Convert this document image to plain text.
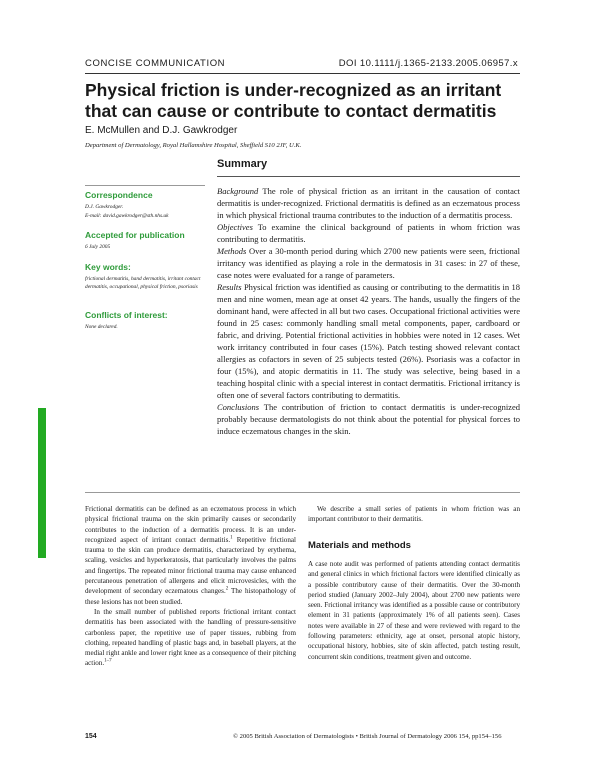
CONCISE COMMUNICATION	DOI 10.1111/j.1365-2133.2005.06957.x
Physical friction is under-recognized as an irritant that can cause or contribute to contact dermatitis
E. McMullen and D.J. Gawkrodger
Department of Dermatology, Royal Hallamshire Hospital, Sheffield S10 2JF, U.K.
Summary
Correspondence
D.J. Gawkrodger.
E-mail: david.gawkrodger@sth.nhs.uk
Accepted for publication
6 July 2005
Key words:
frictional dermatitis, hand dermatitis, irritant contact dermatitis, occupational, physical friction, psoriasis
Conflicts of interest:
None declared.

Background The role of physical friction as an irritant in the causation of contact dermatitis is under-recognized. Frictional dermatitis is defined as an eczematous process in which physical frictional trauma contributes to the induction of a dermatitis process.

Objectives To examine the clinical background of patients in whom friction was contributing to dermatitis.

Methods Over a 30-month period during which 2700 new patients were seen, frictional irritancy was identified as playing a role in the dermatosis in 31 cases: in 27 of these, case notes were evaluated for a range of parameters.

Results Physical friction was identified as causing or contributing to the dermatitis in 18 men and nine women, mean age at onset 42 years. The hands, usually the fingers of the dominant hand, were affected in all but two cases. Occupational frictional activities were found in 25 cases: commonly handling small metal components, paper, cardboard or fabric, and driving. Potential frictional activities in hobbies were noted in 12 cases. Wet work irritancy contributed in four cases (15%). Patch testing showed relevant contact allergies as cofactors in seven of 25 subjects tested (26%). Psoriasis was a cofactor in four (15%), and atopic dermatitis in 11. The study was selective, being based in a teaching hospital clinic with a special interest in contact dermatitis. Frictional irritancy is often one of several factors contributing to dermatitis.

Conclusions The contribution of friction to contact dermatitis is under-recognized probably because dermatologists do not think about the potential for physical forces to induce eczematous changes in the skin.

Frictional dermatitis can be defined as an eczematous process in which physical frictional trauma on the skin primarily causes or secondarily contributes to the induction of a dermatitis process. It is an under-recognized aspect of irritant contact dermatitis.$^1$ Repetitive frictional trauma to the skin can produce dermatitis, characterized by erythema, scaling, vesicles and hyperkeratosis, that particularly involves the palms and fingertips. The repeated minor frictional trauma may cause enhanced percutaneous penetration of allergens and elicit microvesicles, with the development of secondary eczematous changes.$^2$ The histopathology of these lesions has not been studied.

In the small number of published reports frictional irritant contact dermatitis has been associated with the handling of pressure-sensitive carbonless paper, the repetitive use of paper tissues, rubbing from clothing, repeated handling of plastic bags and, in baseball players, at the medial right ankle and lower right knee as a consequence of their pitching action.$^{1-7}$

We describe a small series of patients in whom friction was an important contributor to their dermatitis.

Materials and methods

A case note audit was performed of patients attending contact dermatitis and general clinics in which frictional factors were identified clinically as a possible contributory cause of their dermatitis. Over the 30-month period studied (January 2002–July 2004), about 2700 new patients were seen. Frictional irritancy was identified as a possible cause or contributory element in 31 patients (approximately 1% of all patients seen). Cases notes were available in 27 of these and were reviewed with regard to the following parameters: ethnicity, age at onset, personal atopic history, occupational history, hobbies, site of skin affected, patch testing result, concurrent skin conditions, treatment given and outcome.

154	© 2005 British Association of Dermatologists • British Journal of Dermatology 2006 154, pp154–156
